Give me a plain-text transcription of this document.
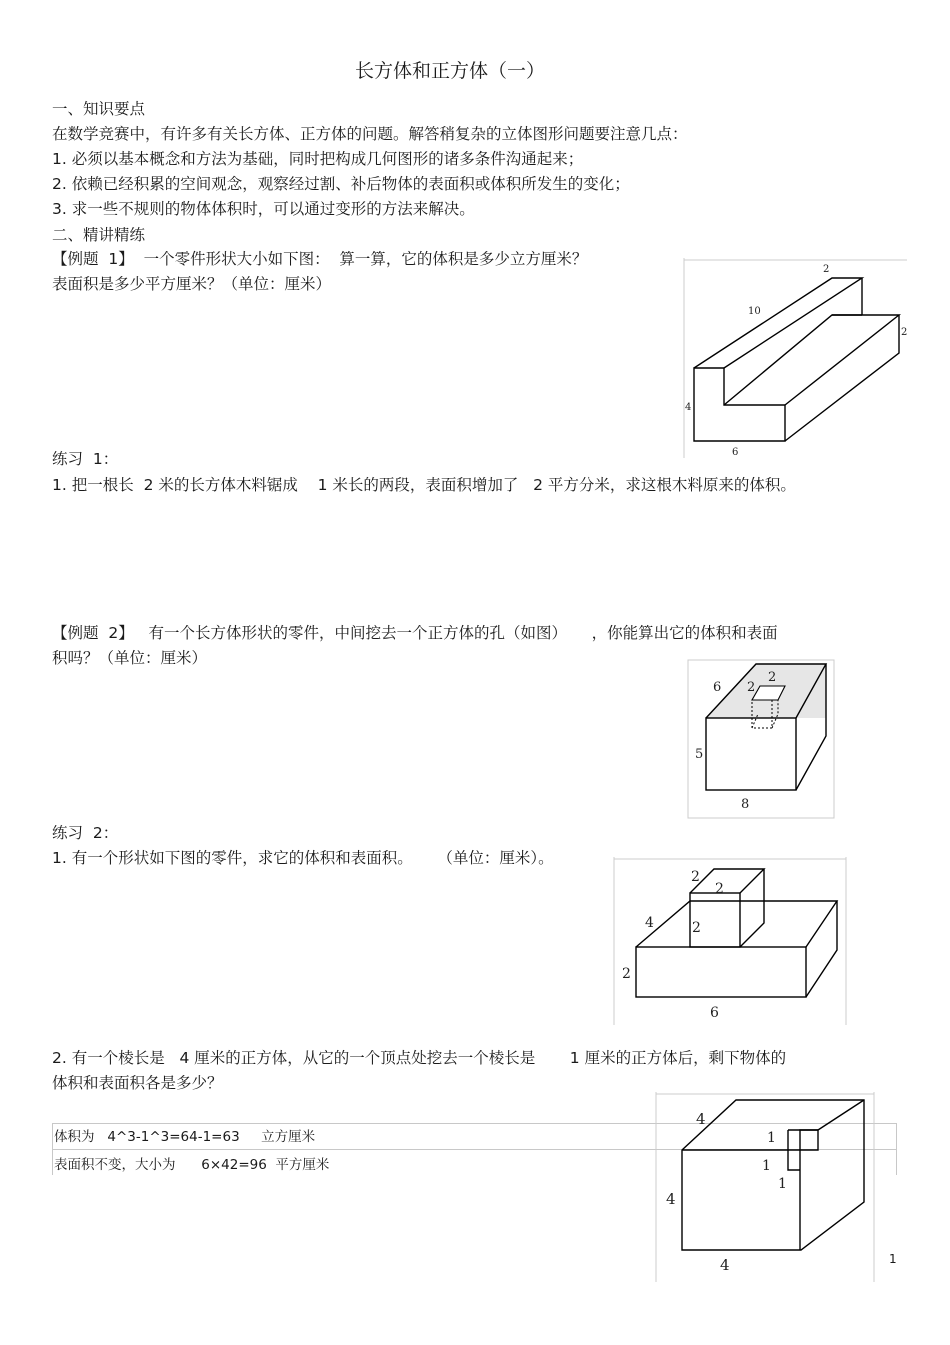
长方体和正方体（一）
一、知识要点
在数学竞赛中，有许多有关长方体、正方体的问题。解答稍复杂的立体图形问题要注意几点：
1. 必须以基本概念和方法为基础，同时把构成几何图形的诸多条件沟通起来；
2. 依赖已经积累的空间观念，观察经过割、补后物体的表面积或体积所发生的变化；
3. 求一些不规则的物体体积时，可以通过变形的方法来解决。
二、精讲精练
【例题  1】  一个零件形状大小如下图：  算一算，它的体积是多少立方厘米？
表面积是多少平方厘米？（单位：厘米）
2
10
2
4
6
练习  1：
1. 把一根长  2 米的长方体木料锯成    1 米长的两段，表面积增加了   2 平方分米，求这根木料原来的体积。
【例题  2】   有一个长方体形状的零件，中间挖去一个正方体的孔（如图）     ，你能算出它的体积和表面
积吗？（单位：厘米）
2
2
6
5
8
练习  2：
1. 有一个形状如下图的零件，求它的体积和表面积。     （单位：厘米）。
2
2
2
4
2
6
2. 有一个棱长是   4 厘米的正方体，从它的一个顶点处挖去一个棱长是       1 厘米的正方体后，剩下物体的
体积和表面积各是多少？
体积为   4^3-1^3=64-1=63     立方厘米
表面积不变，大小为      6×42=96  平方厘米
4
1
1
1
4
4	1
